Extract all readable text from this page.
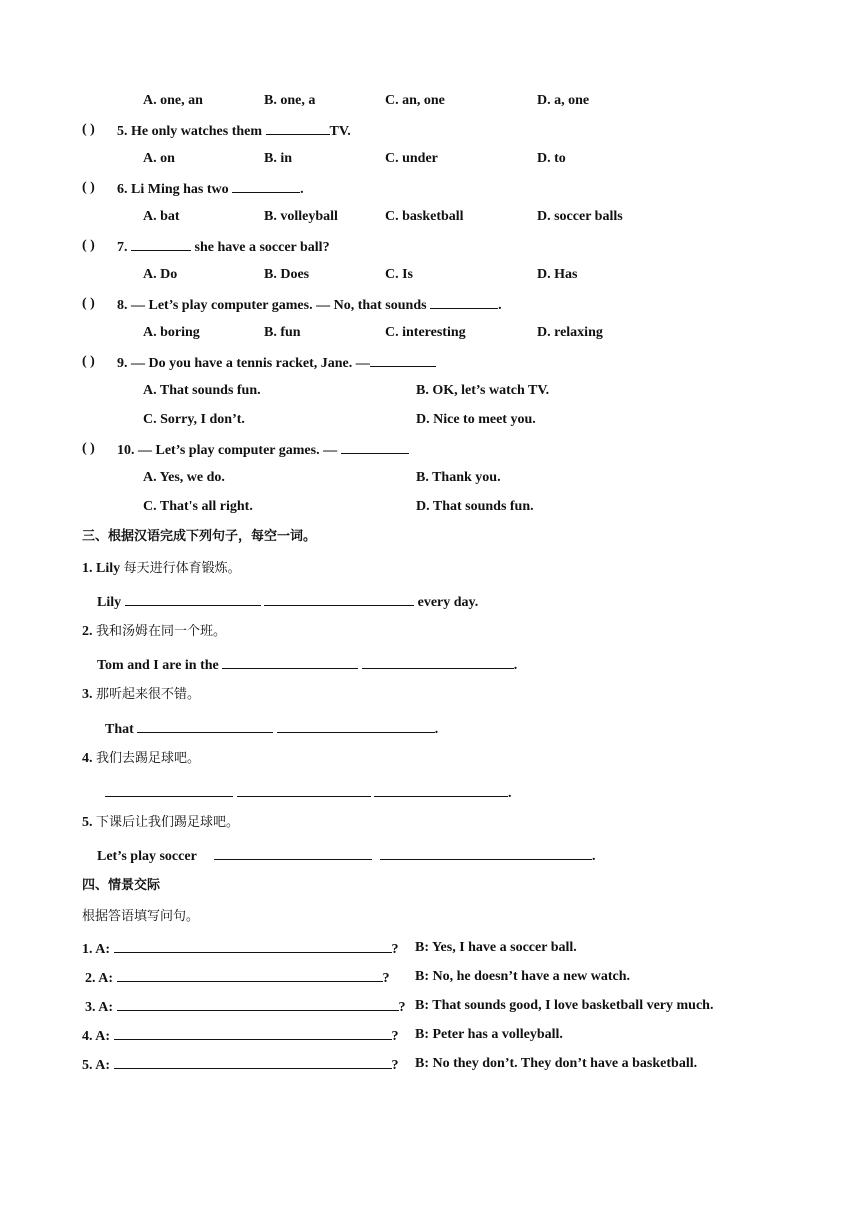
A. one, an	B. one, a	C. an, one	D. a, one
( ) 5. He only watches them	TV.
A. on	B. in	C. under	D. to
( ) 6. Li Ming has two	.
A. bat	B. volleyball	C. basketball	D. soccer balls
( ) 7.	she have a soccer ball?
A. Do	B. Does	C. Is	D. Has
( ) 8. — Let’s play computer games. — No, that sounds	.
A. boring	B. fun	C. interesting	D. relaxing
( ) 9. — Do you have a tennis racket, Jane. —
A. That sounds fun.	B. OK, let’s watch TV.
C. Sorry, I don’t.	D. Nice to meet you.
( ) 10. — Let’s play computer games. —
A. Yes, we do.	B. Thank you.
C. That's all right.	D. That sounds fun.
三、根据汉语完成下列句子，每空一词。
1. Lily 每天进行体育锻炼。
Lily	every day.
2. 我和汤姆在同一个班。
Tom and I are in the	.
3. 那听起来很不错。
That	.
4. 我们去踢足球吧。
.
5. 下课后让我们踢足球吧。
Let’s play soccer	.
四、情景交际
根据答语填写问句。
1. A:	? B: Yes, I have a soccer ball.
2. A:	? B: No, he doesn’t have a new watch.
3. A:	? B: That sounds good, I love basketball very much.
4. A:	? B: Peter has a volleyball.
5. A:	? B: No they don’t. They don’t have a basketball.
